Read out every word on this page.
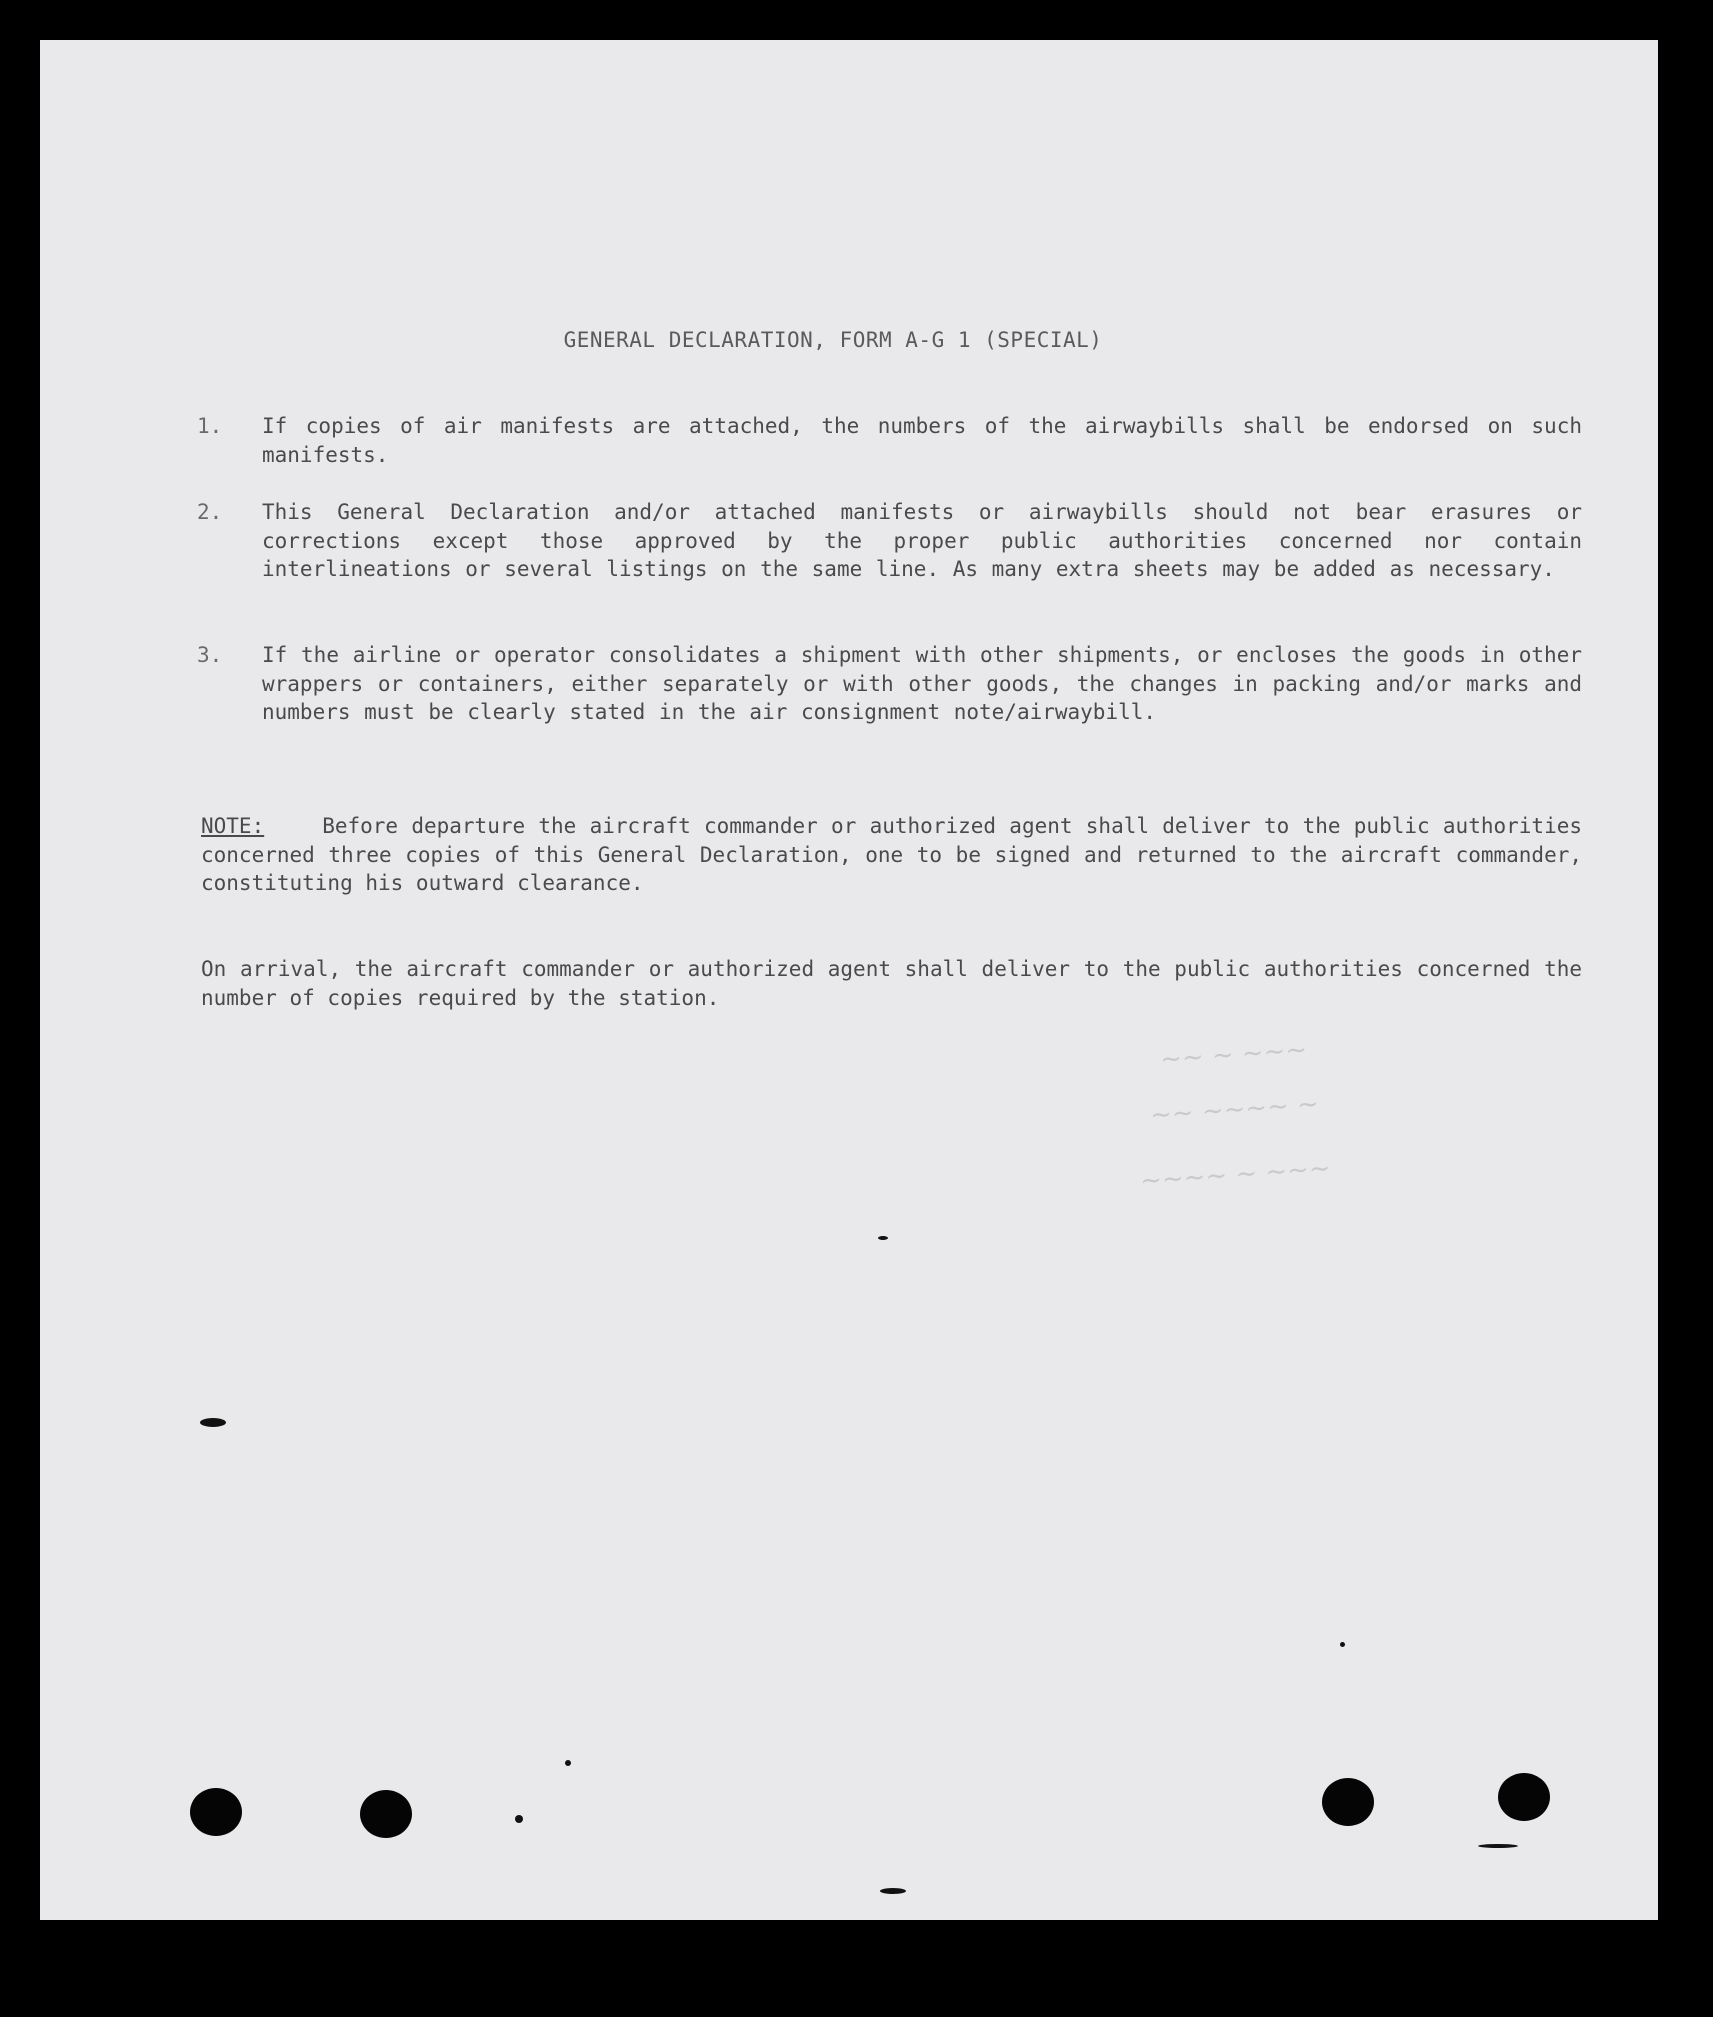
GENERAL DECLARATION, FORM A-G 1 (SPECIAL)
1.	If copies of air manifests are attached, the numbers of the airwaybills shall be endorsed on such manifests.
2.	This General Declaration and/or attached manifests or airwaybills should not bear erasures or corrections except those approved by the proper public authorities concerned nor contain interlineations or several listings on the same line. As many extra sheets may be added as necessary.
3.	If the airline or operator consolidates a shipment with other shipments, or encloses the goods in other wrappers or containers, either separately or with other goods, the changes in packing and/or marks and numbers must be clearly stated in the air consignment note/airwaybill.
NOTE:	Before departure the aircraft commander or authorized agent shall deliver to the public authorities concerned three copies of this General Declaration, one to be signed and returned to the aircraft commander, constituting his outward clearance.
On arrival, the aircraft commander or authorized agent shall deliver to the public authorities concerned the number of copies required by the station.
~~ ~ ~~~
~~ ~~~~ ~
~~~~ ~ ~~~
